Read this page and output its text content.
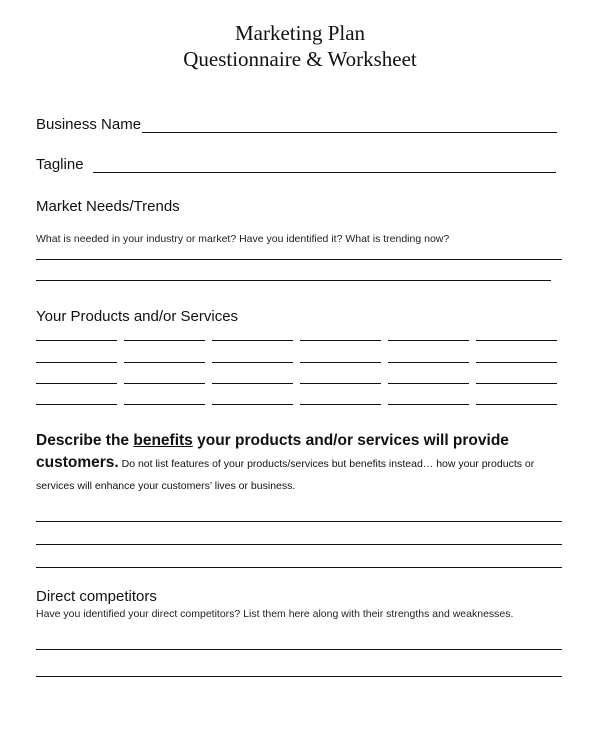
Marketing Plan
Questionnaire & Worksheet
Business Name
Tagline
Market Needs/Trends
What is needed in your industry or market? Have you identified it? What is trending now?
Your Products and/or Services
Describe the benefits your products and/or services will provide
customers. Do not list features of your products/services but benefits instead… how your products or services will enhance your customers’ lives or business.
Direct competitors
Have you identified your direct competitors? List them here along with their strengths and weaknesses.
